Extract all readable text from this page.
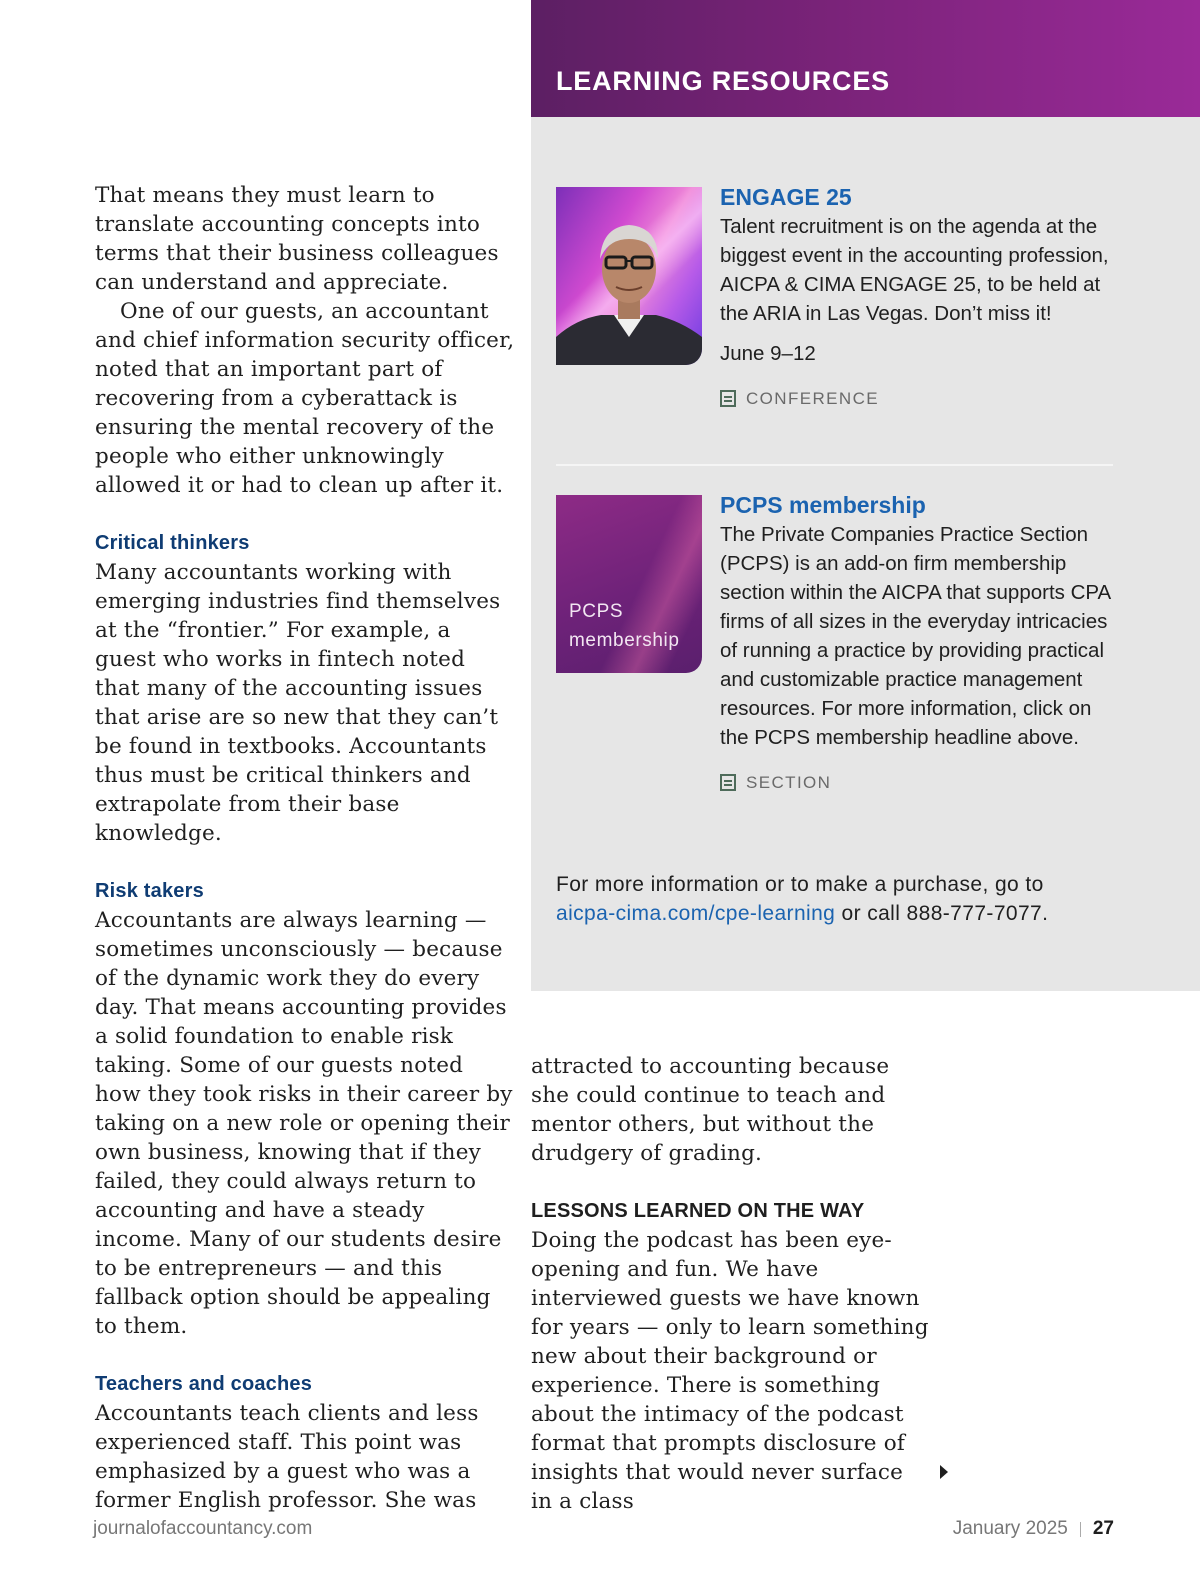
That means they must learn to translate accounting concepts into terms that their business colleagues can understand and appreciate.

One of our guests, an accountant and chief information security officer, noted that an important part of recovering from a cyberattack is ensuring the mental recovery of the people who either unknowingly allowed it or had to clean up after it.

Critical thinkers

Many accountants working with emerging industries find themselves at the “frontier.” For example, a guest who works in fintech noted that many of the accounting issues that arise are so new that they can’t be found in textbooks. Accountants thus must be critical thinkers and extrapolate from their base knowledge.

Risk takers

Accountants are always learning — sometimes unconsciously — because of the dynamic work they do every day. That means accounting provides a solid foundation to enable risk taking. Some of our guests noted how they took risks in their career by taking on a new role or opening their own business, knowing that if they failed, they could always return to accounting and have a steady income. Many of our students desire to be entrepreneurs — and this fallback option should be appealing to them.

Teachers and coaches

Accountants teach clients and less experienced staff. This point was emphasized by a guest who was a former English professor. She was

LEARNING RESOURCES
ENGAGE 25
Talent recruitment is on the agenda at the biggest event in the accounting profession, AICPA & CIMA ENGAGE 25, to be held at the ARIA in Las Vegas. Don’t miss it!
June 9–12
CONFERENCE
PCPS membership
PCPS membership
The Private Companies Practice Section (PCPS) is an add-on firm membership section within the AICPA that supports CPA firms of all sizes in the everyday intricacies of running a practice by providing practical and customizable practice management resources. For more information, click on the PCPS membership headline above.
SECTION
For more information or to make a purchase, go to
aicpa-cima.com/cpe-learning or call 888-777-7077.

attracted to accounting because she could continue to teach and mentor others, but without the drudgery of grading.

LESSONS LEARNED ON THE WAY

Doing the podcast has been eye-opening and fun. We have interviewed guests we have known for years — only to learn something new about their background or experience. There is something about the intimacy of the podcast format that prompts disclosure of insights that would never surface in a class

journalofaccountancy.com	January 2025 27
